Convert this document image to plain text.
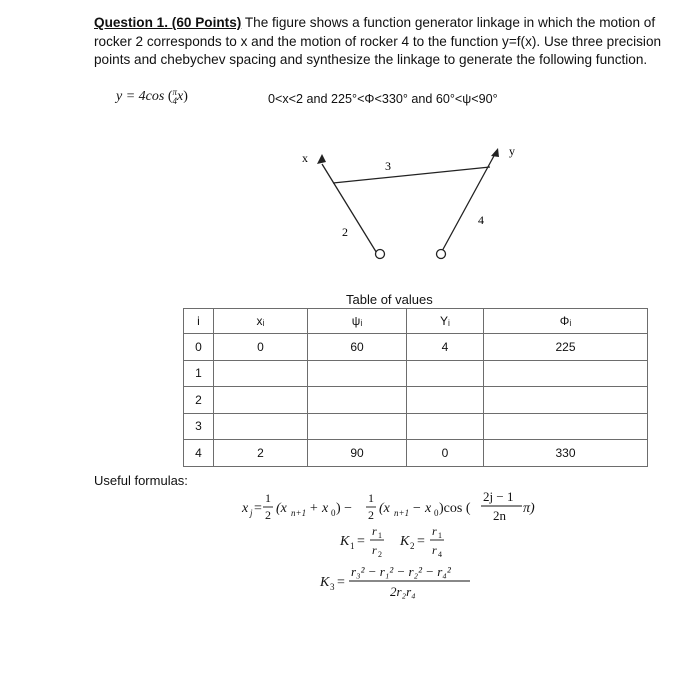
Question 1. (60 Points) The figure shows a function generator linkage in which the motion of rocker 2 corresponds to x and the motion of rocker 4 to the function y=f(x). Use three precision points and chebychev spacing and synthesize the linkage to generate the following function.
y = 4cos (π
4x)	0<x<2 and 225°<Φ<330° and 60°<ψ<90°
x	y
2
3
4
Table of values
i	xᵢ	ψᵢ	Yᵢ	Φᵢ
0	0	60	4	225
1				
2				
3				
4	2	90	0	330
Useful formulas:
x j =
1
2 (x n+1 + x 0 ) −
1
2 (x n+1 − x 0 )cos (
2j − 1
2n π)
K 1 =
r 1
r 2
K 2 =
r 1
r 4
K 3 =
r₃² − r₁² − r₂² − r₄²
2r₂r₄
